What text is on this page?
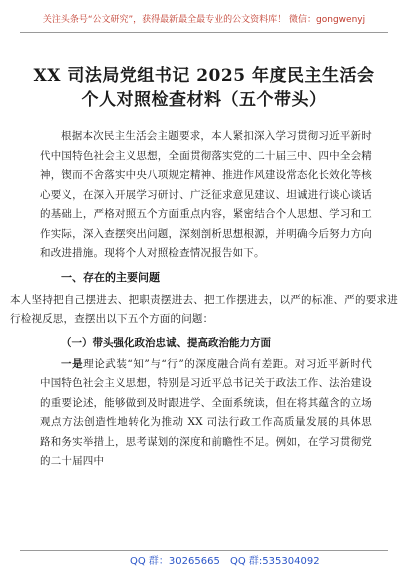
关注头条号“公文研究”，获得最新最全最专业的公文资料库！ 微信：gongwenyj
XX 司法局党组书记 2025 年度民主生活会
个人对照检查材料（五个带头）

根据本次民主生活会主题要求，本人紧扣深入学习贯彻习近平新时代中国特色社会主义思想，全面贯彻落实党的二十届三中、四中全会精神，锲而不舍落实中央八项规定精神、推进作风建设常态化长效化等核心要义，在深入开展学习研讨、广泛征求意见建议、坦诚进行谈心谈话的基础上，严格对照五个方面重点内容，紧密结合个人思想、学习和工作实际，深入查摆突出问题，深刻剖析思想根源，并明确今后努力方向和改进措施。现将个人对照检查情况报告如下。

一、存在的主要问题

本人坚持把自己摆进去、把职责摆进去、把工作摆进去，以严的标准、严的要求进行检视反思，查摆出以下五个方面的问题：

（一）带头强化政治忠诚、提高政治能力方面

一是理论武装“知”与“行”的深度融合尚有差距。对习近平新时代中国特色社会主义思想，特别是习近平总书记关于政法工作、法治建设的重要论述，能够做到及时跟进学、全面系统读，但在将其蕴含的立场观点方法创造性地转化为推动 XX 司法行政工作高质量发展的具体思路和务实举措上，思考谋划的深度和前瞻性不足。例如，在学习贯彻党的二十届四中

QQ 群：30265665 QQ 群:535304092
